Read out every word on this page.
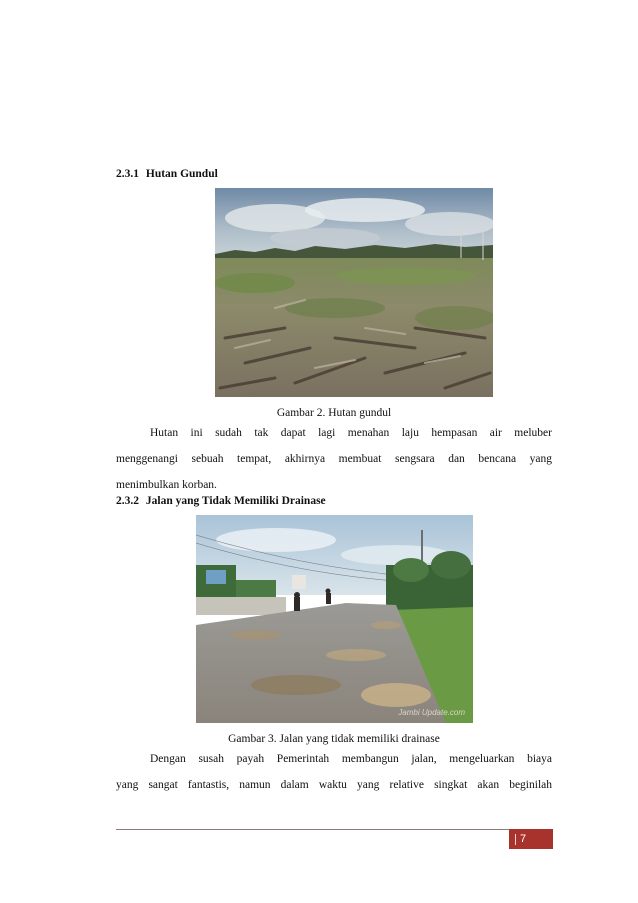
2.3.1 Hutan Gundul
Gambar 2. Hutan gundul
Hutan ini sudah tak dapat lagi menahan laju hempasan air meluber
menggenangi sebuah tempat, akhirnya membuat sengsara dan bencana yang
menimbulkan korban.
2.3.2 Jalan yang Tidak Memiliki Drainase
Jambi Update.com
Gambar 3. Jalan yang tidak memiliki drainase
Dengan susah payah Pemerintah membangun jalan, mengeluarkan biaya
yang sangat fantastis, namun dalam waktu yang relative singkat akan beginilah
7
